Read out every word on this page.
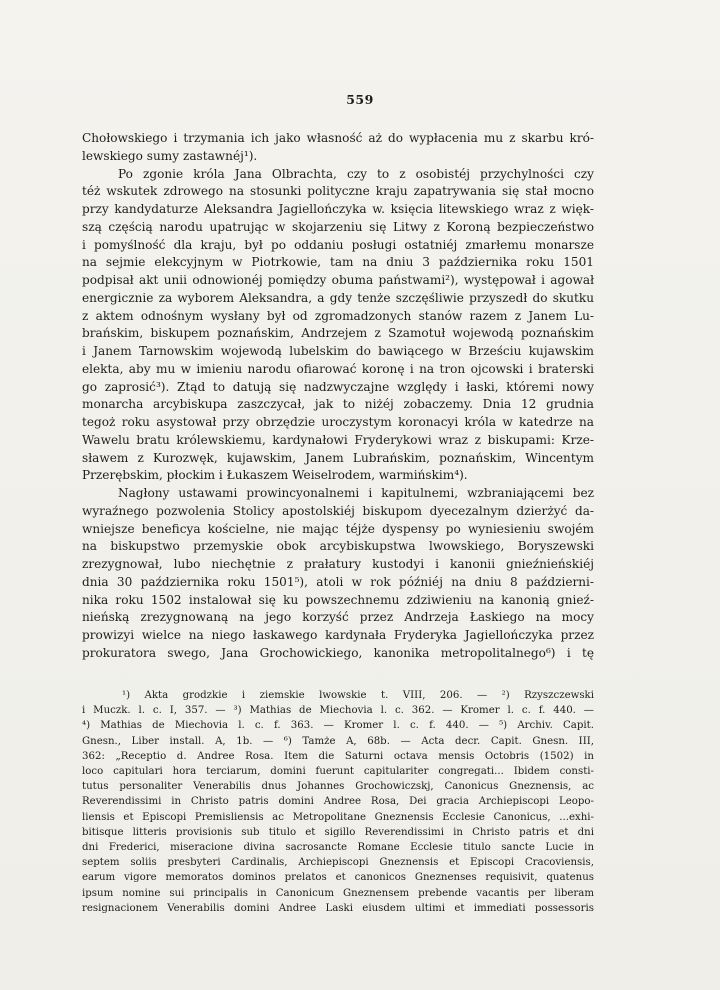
559
Chołowskiego i trzymania ich jako własność aż do wypłacenia mu z skarbu kró-
lewskiego sumy zastawnéj¹).
Po zgonie króla Jana Olbrachta, czy to z osobistéj przychylności czy
téż wskutek zdrowego na stosunki polityczne kraju zapatrywania się stał mocno
przy kandydaturze Aleksandra Jagiellończyka w. księcia litewskiego wraz z więk-
szą częścią narodu upatrując w skojarzeniu się Litwy z Koroną bezpieczeństwo
i pomyślność dla kraju, był po oddaniu posługi ostatniéj zmarłemu monarsze
na sejmie elekcyjnym w Piotrkowie, tam na dniu 3 października roku 1501
podpisał akt unii odnowionéj pomiędzy obuma państwami²), występował i agował
energicznie za wyborem Aleksandra, a gdy tenże szczęśliwie przyszedł do skutku
z aktem odnośnym wysłany był od zgromadzonych stanów razem z Janem Lu-
brańskim, biskupem poznańskim, Andrzejem z Szamotuł wojewodą poznańskim
i Janem Tarnowskim wojewodą lubelskim do bawiącego w Brześciu kujawskim
elekta, aby mu w imieniu narodu ofiarować koronę i na tron ojcowski i braterski
go zaprosić³). Ztąd to datują się nadzwyczajne względy i łaski, któremi nowy
monarcha arcybiskupa zaszczycał, jak to niżéj zobaczemy. Dnia 12 grudnia
tegoż roku asystował przy obrzędzie uroczystym koronacyi króla w katedrze na
Wawelu bratu królewskiemu, kardynałowi Fryderykowi wraz z biskupami: Krze-
sławem z Kurozwęk, kujawskim, Janem Lubrańskim, poznańskim, Wincentym
Przerębskim, płockim i Łukaszem Weiselrodem, warmińskim⁴).
Nagłony ustawami prowincyonalnemi i kapitulnemi, wzbraniającemi bez
wyraźnego pozwolenia Stolicy apostolskiéj biskupom dyecezalnym dzierżyć da-
wniejsze beneficya kościelne, nie mając téjże dyspensy po wyniesieniu swojém
na biskupstwo przemyskie obok arcybiskupstwa lwowskiego, Boryszewski
zrezygnował, lubo niechętnie z prałatury kustodyi i kanonii gnieźnieńskiéj
dnia 30 października roku 1501⁵), atoli w rok późniéj na dniu 8 październi-
nika roku 1502 instalował się ku powszechnemu zdziwieniu na kanonią gnieź-
nieńską zrezygnowaną na jego korzyść przez Andrzeja Łaskiego na mocy
prowizyi wielce na niego łaskawego kardynała Fryderyka Jagiellończyka przez
prokuratora swego, Jana Grochowickiego, kanonika metropolitalnego⁶) i tę
¹) Akta grodzkie i ziemskie lwowskie t. VIII, 206. — ²) Rzyszczewski
i Muczk. l. c. I, 357. — ³) Mathias de Miechovia l. c. 362. — Kromer l. c. f. 440. —
⁴) Mathias de Miechovia l. c. f. 363. — Kromer l. c. f. 440. — ⁵) Archiv. Capit.
Gnesn., Liber install. A, 1b. — ⁶) Tamże A, 68b. — Acta decr. Capit. Gnesn. III,
362: „Receptio d. Andree Rosa. Item die Saturni octava mensis Octobris (1502) in
loco capitulari hora terciarum, domini fuerunt capitulariter congregati... Ibidem consti-
tutus personaliter Venerabilis dnus Johannes Grochowiczskj, Canonicus Gneznensis, ac
Reverendissimi in Christo patris domini Andree Rosa, Dei gracia Archiepiscopi Leopo-
liensis et Episcopi Premisliensis ac Metropolitane Gneznensis Ecclesie Canonicus, ...exhi-
bitisque litteris provisionis sub titulo et sigillo Reverendissimi in Christo patris et dni
dni Frederici, miseracione divina sacrosancte Romane Ecclesie titulo sancte Lucie in
septem soliis presbyteri Cardinalis, Archiepiscopi Gneznensis et Episcopi Cracoviensis,
earum vigore memoratos dominos prelatos et canonicos Gneznenses requisivit, quatenus
ipsum nomine sui principalis in Canonicum Gneznensem prebende vacantis per liberam
resignacionem Venerabilis domini Andree Laski eiusdem ultimi et immediati possessoris
